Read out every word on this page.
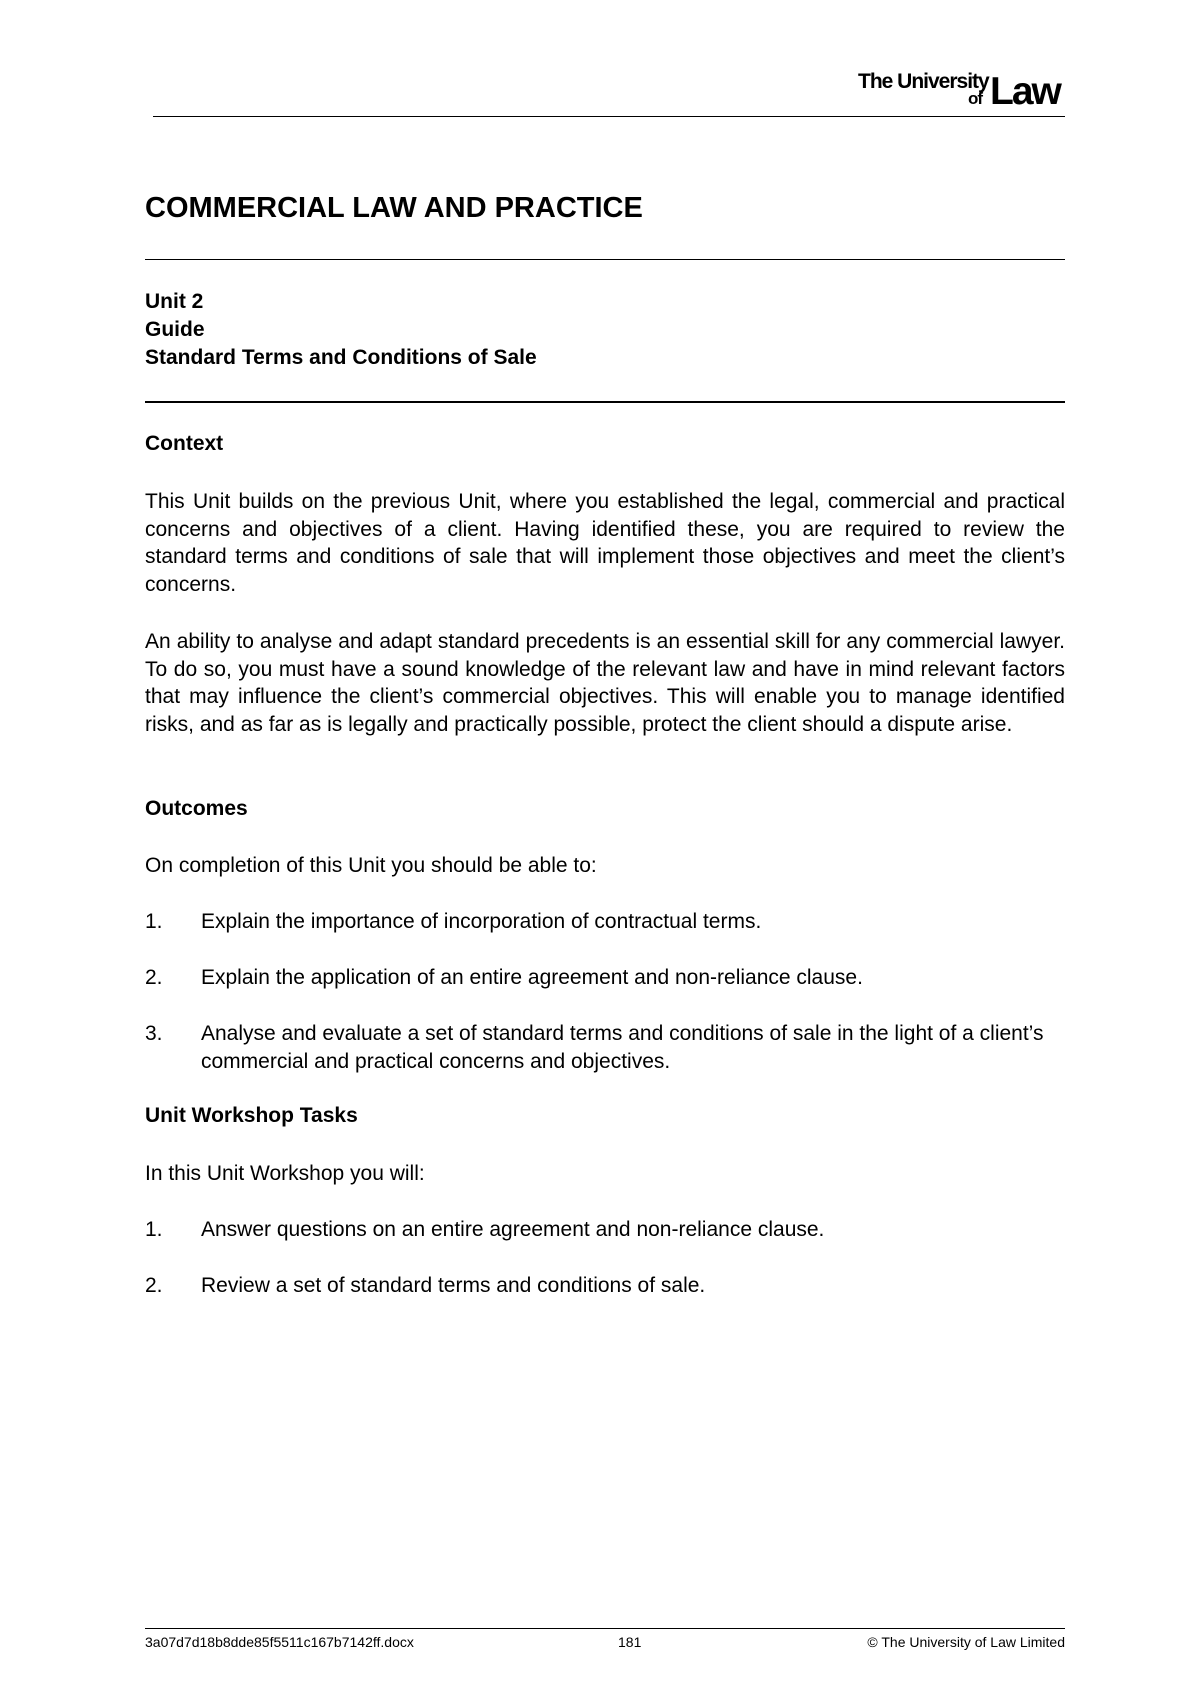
The University
of Law
COMMERCIAL LAW AND PRACTICE
Unit 2
Guide
Standard Terms and Conditions of Sale
Context
This Unit builds on the previous Unit, where you established the legal, commercial and practical concerns and objectives of a client. Having identified these, you are required to review the standard terms and conditions of sale that will implement those objectives and meet the client’s concerns.
An ability to analyse and adapt standard precedents is an essential skill for any commercial lawyer. To do so, you must have a sound knowledge of the relevant law and have in mind relevant factors that may influence the client’s commercial objectives. This will enable you to manage identified risks, and as far as is legally and practically possible, protect the client should a dispute arise.
Outcomes
On completion of this Unit you should be able to:
1. Explain the importance of incorporation of contractual terms.
2. Explain the application of an entire agreement and non-reliance clause.
3. Analyse and evaluate a set of standard terms and conditions of sale in the light of a client’s commercial and practical concerns and objectives.
Unit Workshop Tasks
In this Unit Workshop you will:
1. Answer questions on an entire agreement and non-reliance clause.
2. Review a set of standard terms and conditions of sale.
3a07d7d18b8dde85f5511c167b7142ff.docx	181	© The University of Law Limited
